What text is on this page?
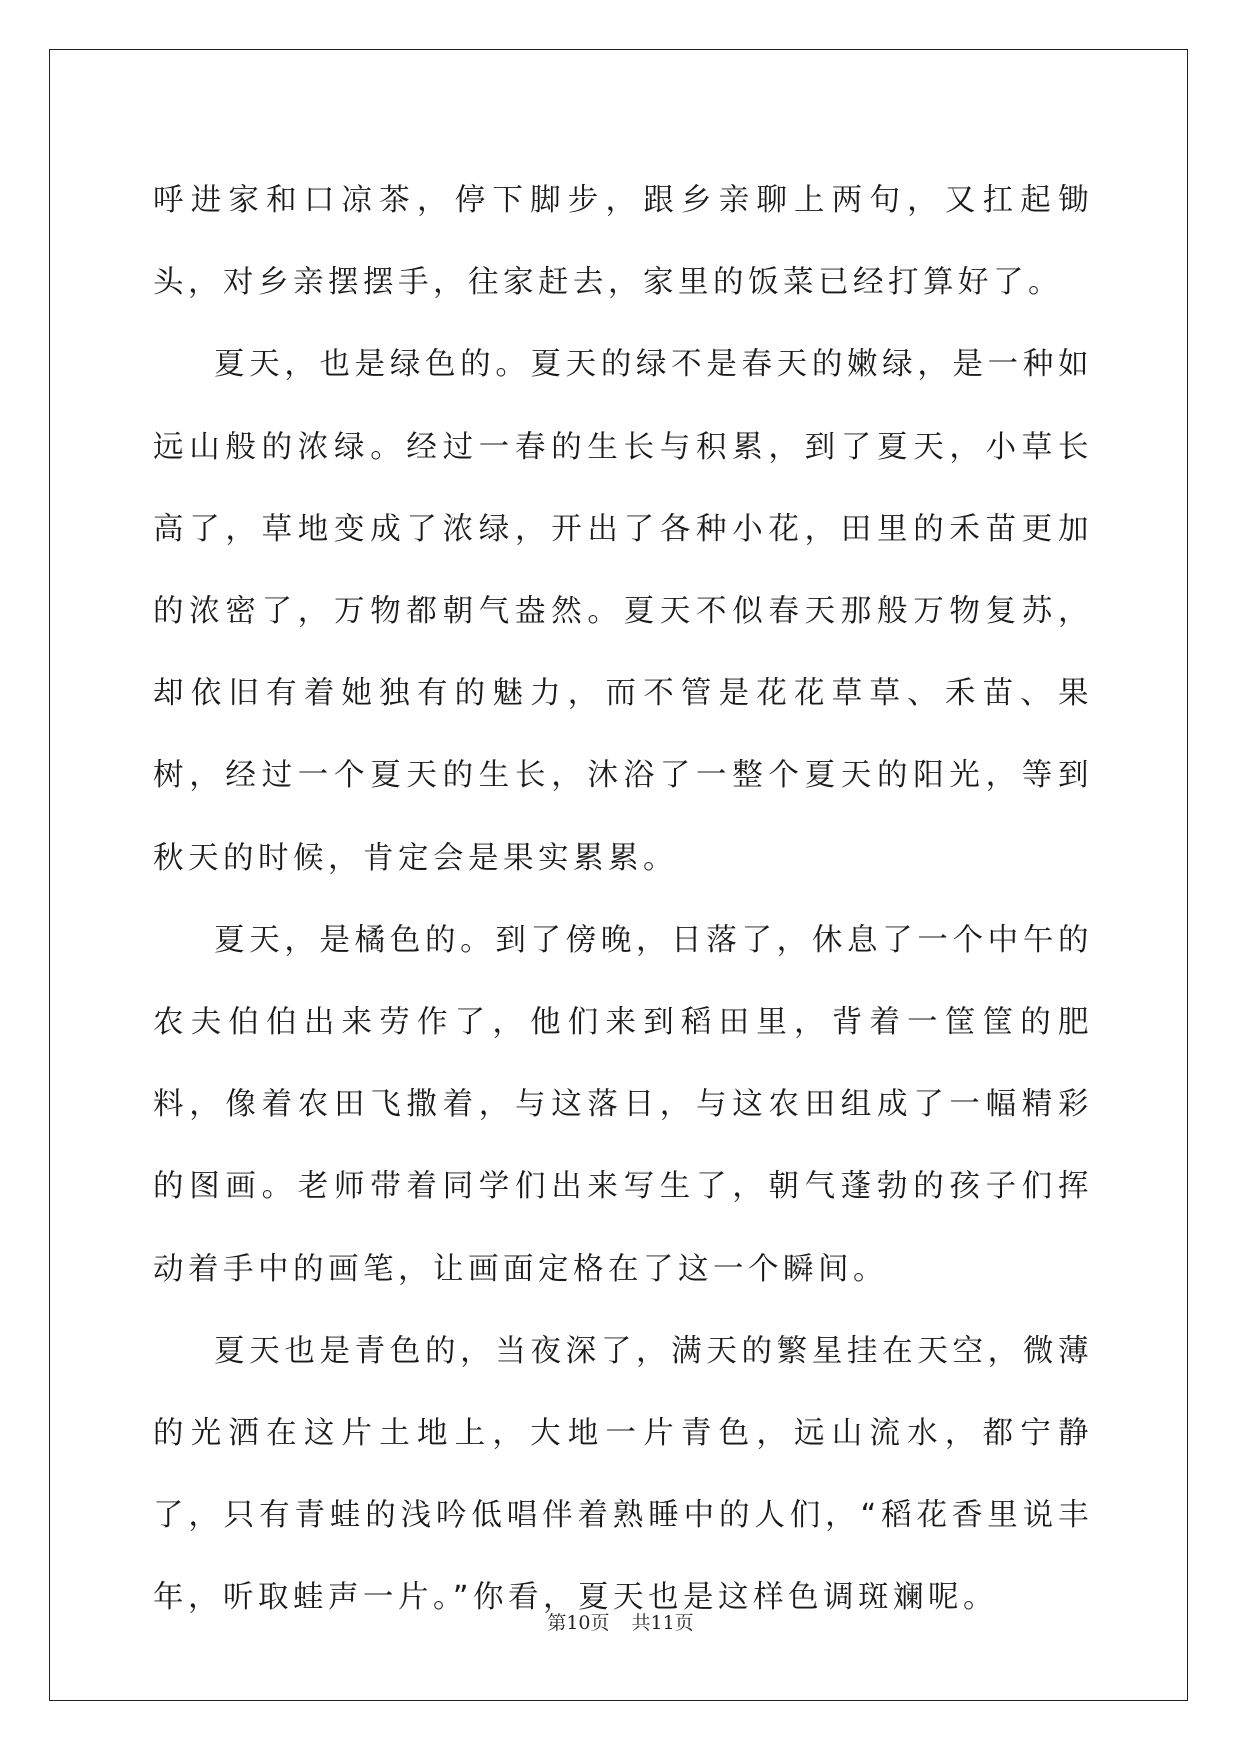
呼进家和口凉茶，停下脚步，跟乡亲聊上两句，又扛起锄头，对乡亲摆摆手，往家赶去，家里的饭菜已经打算好了。

夏天，也是绿色的。夏天的绿不是春天的嫩绿，是一种如远山般的浓绿。经过一春的生长与积累，到了夏天，小草长高了，草地变成了浓绿，开出了各种小花，田里的禾苗更加的浓密了，万物都朝气盎然。夏天不似春天那般万物复苏，却依旧有着她独有的魅力，而不管是花花草草、禾苗、果树，经过一个夏天的生长，沐浴了一整个夏天的阳光，等到秋天的时候，肯定会是果实累累。

夏天，是橘色的。到了傍晚，日落了，休息了一个中午的农夫伯伯出来劳作了，他们来到稻田里，背着一筐筐的肥料，像着农田飞撒着，与这落日，与这农田组成了一幅精彩的图画。老师带着同学们出来写生了，朝气蓬勃的孩子们挥动着手中的画笔，让画面定格在了这一个瞬间。

夏天也是青色的，当夜深了，满天的繁星挂在天空，微薄的光洒在这片土地上，大地一片青色，远山流水，都宁静了，只有青蛙的浅吟低唱伴着熟睡中的人们，“稻花香里说丰年，听取蛙声一片。”你看，夏天也是这样色调斑斓呢。

第10页 共11页
